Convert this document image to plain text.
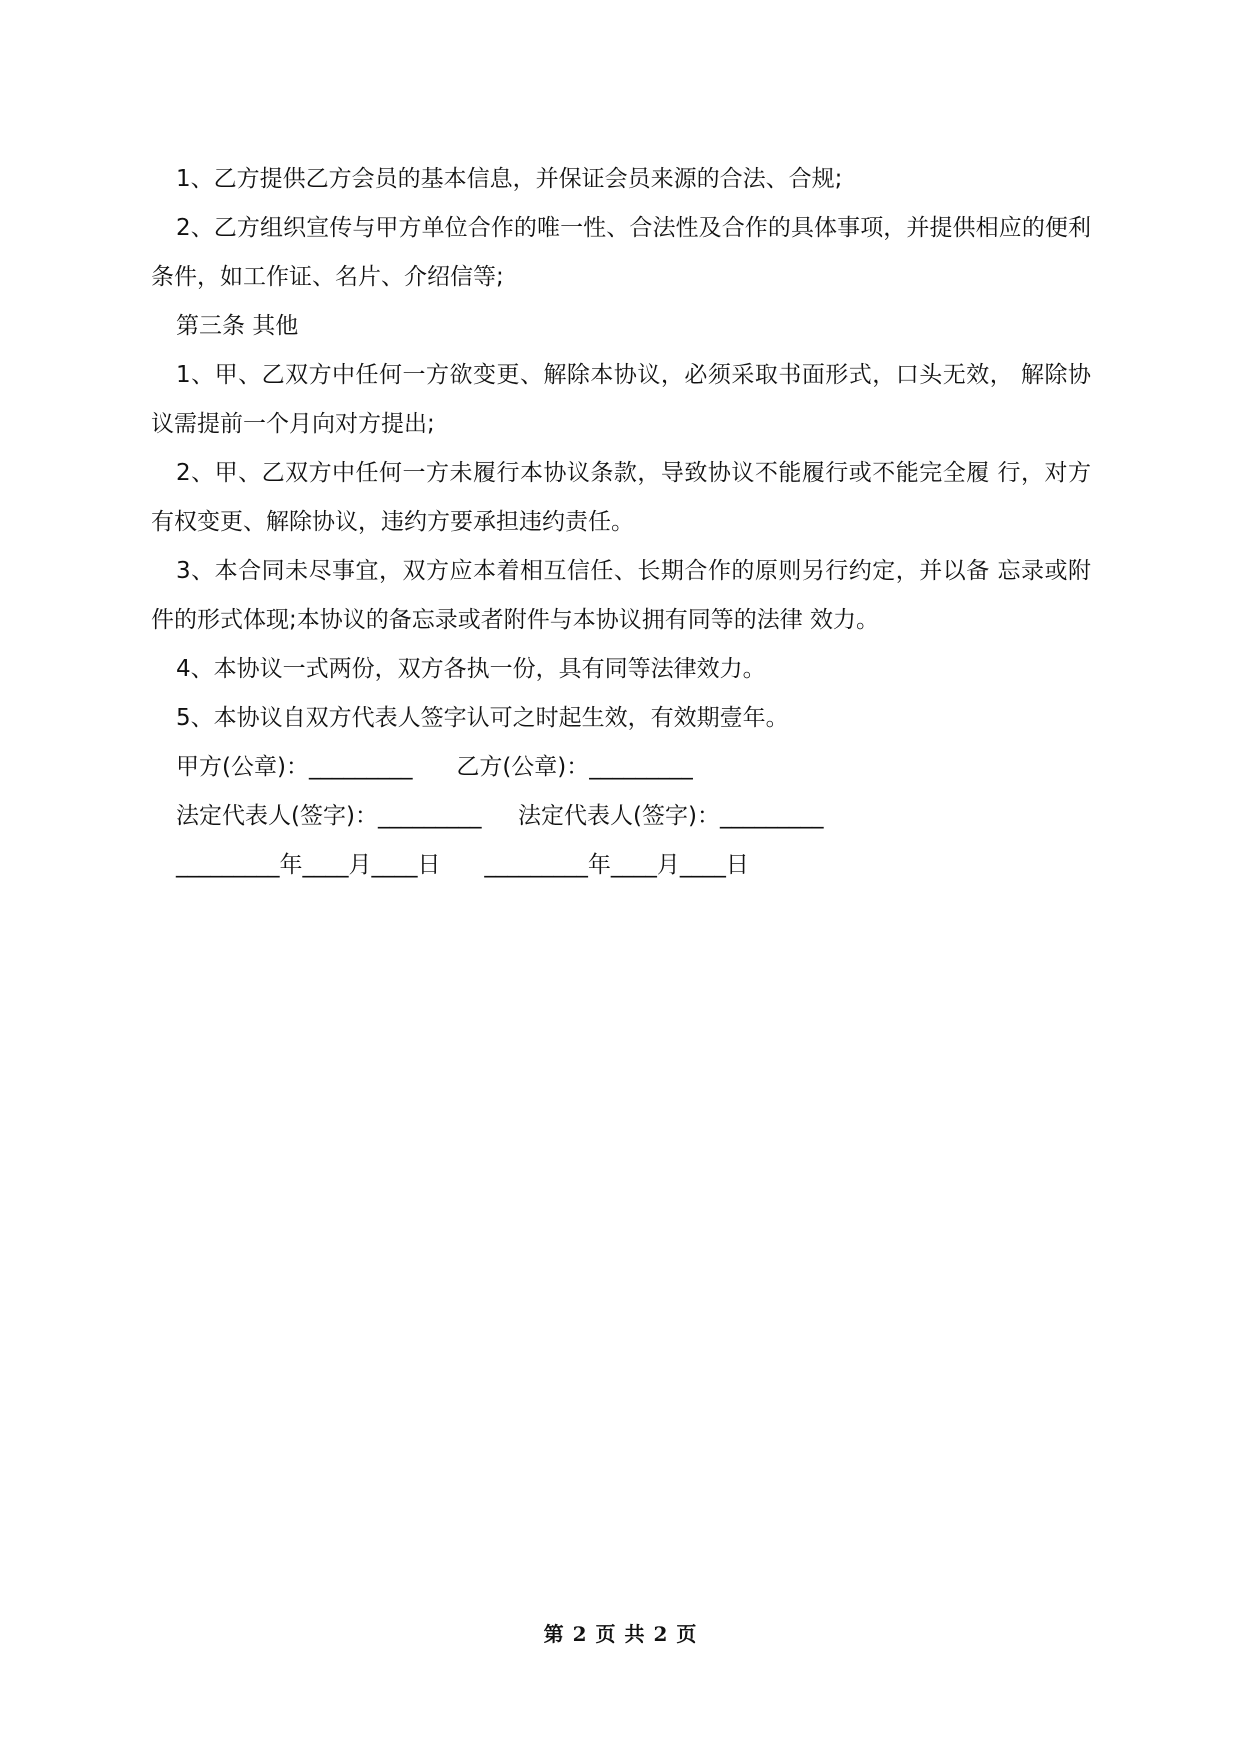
1、乙方提供乙方会员的基本信息，并保证会员来源的合法、合规;

2、乙方组织宣传与甲方单位合作的唯一性、合法性及合作的具体事项，并提供相应的便利条件，如工作证、名片、介绍信等;

第三条 其他

1、甲、乙双方中任何一方欲变更、解除本协议，必须采取书面形式，口头无效， 解除协议需提前一个月向对方提出;

2、甲、乙双方中任何一方未履行本协议条款，导致协议不能履行或不能完全履 行，对方有权变更、解除协议，违约方要承担违约责任。

3、本合同未尽事宜，双方应本着相互信任、长期合作的原则另行约定，并以备 忘录或附件的形式体现;本协议的备忘录或者附件与本协议拥有同等的法律 效力。

4、本协议一式两份，双方各执一份，具有同等法律效力。

5、本协议自双方代表人签字认可之时起生效，有效期壹年。

甲方(公章)：_________      乙方(公章)：_________

法定代表人(签字)：_________     法定代表人(签字)：_________

_________年____月____日      _________年____月____日

第 2 页 共 2 页
